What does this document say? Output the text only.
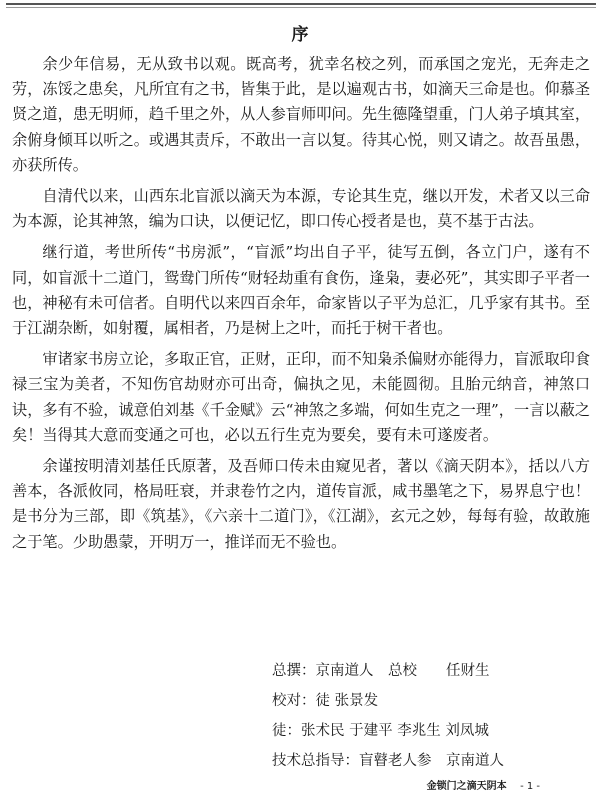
序

余少年信易，无从致书以观。既高考，犹幸名校之列，而承国之宠光，无奔走之劳，冻馁之患矣，凡所宜有之书，皆集于此，是以遍观古书，如滴天三命是也。仰慕圣贤之道，患无明师，趋千里之外，从人参盲师叩问。先生德隆望重，门人弟子填其室，余俯身倾耳以听之。或遇其责斥，不敢出一言以复。待其心悦，则又请之。故吾虽愚，亦获所传。

自清代以来，山西东北盲派以滴天为本源，专论其生克，继以开发，术者又以三命为本源，论其神煞，编为口诀，以便记忆，即口传心授者是也，莫不基于古法。

继行道，考世所传“书房派”，“盲派”均出自子平，徒写五倒，各立门户，遂有不同，如盲派十二道门，鸳鸯门所传“财轻劫重有食伤，逢枭，妻必死”，其实即子平者一也，神秘有未可信者。自明代以来四百余年，命家皆以子平为总汇，几乎家有其书。至于江湖杂断，如射覆，属相者，乃是树上之叶，而托于树干者也。

审诸家书房立论，多取正官，正财，正印，而不知枭杀偏财亦能得力，盲派取印食禄三宝为美者，不知伤官劫财亦可出奇，偏执之见，未能圆彻。且胎元纳音，神煞口诀，多有不验，诚意伯刘基《千金赋》云“神煞之多端，何如生克之一理”，一言以蔽之矣！当得其大意而变通之可也，必以五行生克为要矣，要有未可遂废者。

余谨按明清刘基任氏原著，及吾师口传未由窥见者，著以《滴天阴本》，括以八方善本，各派攸同，格局旺衰，并隶卷竹之内，道传盲派，咸书墨笔之下，易界息宁也！是书分为三部，即《筑基》，《六亲十二道门》，《江湖》，玄元之妙，每每有验，故敢施之于笔。少助愚蒙，开明万一，推详而无不验也。

总撰：京南道人　总校　　任财生
校对：徒 张景发
徒：张术民 于建平 李兆生 刘凤城
技术总指导：盲瞽老人参　京南道人
金锁门之滴天阴本 - 1 -
